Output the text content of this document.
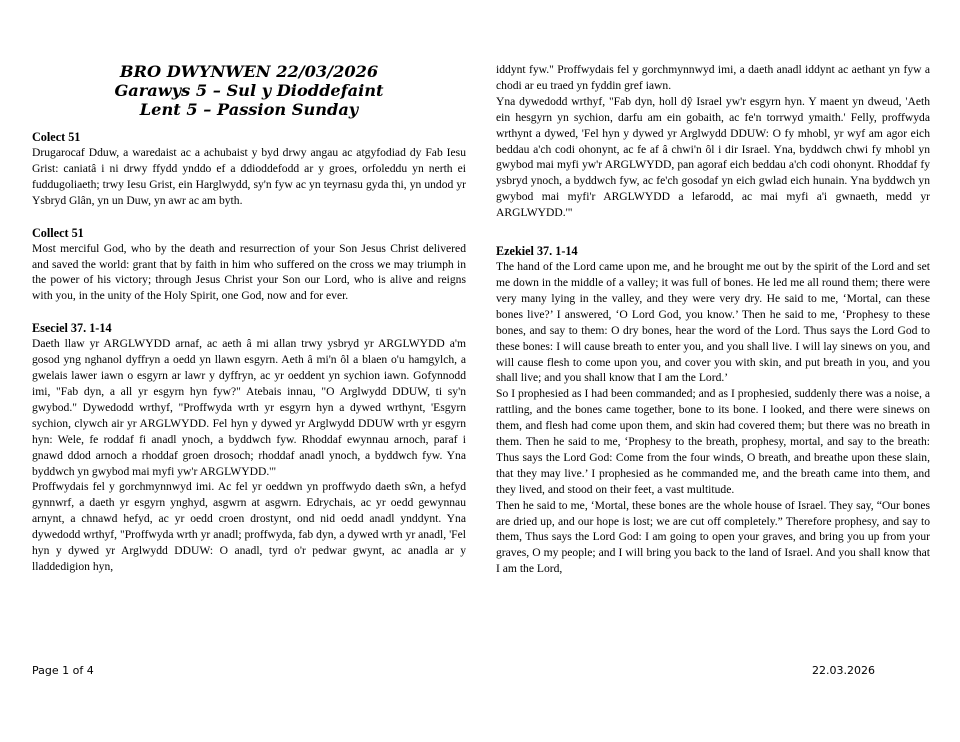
BRO DWYNWEN 22/03/2026
Garawys 5 – Sul y Dioddefaint
Lent 5 – Passion Sunday

Colect 51

Drugarocaf Dduw, a waredaist ac a achubaist y byd drwy angau ac atgyfodiad dy Fab Iesu Grist: caniatâ i ni drwy ffydd ynddo ef a ddioddefodd ar y groes, orfoleddu yn nerth ei fuddugoliaeth; trwy Iesu Grist, ein Harglwydd, sy'n fyw ac yn teyrnasu gyda thi, yn undod yr Ysbryd Glân, yn un Duw, yn awr ac am byth.

Collect 51

Most merciful God, who by the death and resurrection of your Son Jesus Christ delivered and saved the world: grant that by faith in him who suffered on the cross we may triumph in the power of his victory; through Jesus Christ your Son our Lord, who is alive and reigns with you, in the unity of the Holy Spirit, one God, now and for ever.

Eseciel 37. 1-14

Daeth llaw yr ARGLWYDD arnaf, ac aeth â mi allan trwy ysbryd yr ARGLWYDD a'm gosod yng nghanol dyffryn a oedd yn llawn esgyrn. Aeth â mi'n ôl a blaen o'u hamgylch, a gwelais lawer iawn o esgyrn ar lawr y dyffryn, ac yr oeddent yn sychion iawn. Gofynnodd imi, "Fab dyn, a all yr esgyrn hyn fyw?" Atebais innau, "O Arglwydd DDUW, ti sy'n gwybod." Dywedodd wrthyf, "Proffwyda wrth yr esgyrn hyn a dywed wrthynt, 'Esgyrn sychion, clywch air yr ARGLWYDD. Fel hyn y dywed yr Arglwydd DDUW wrth yr esgyrn hyn: Wele, fe roddaf fi anadl ynoch, a byddwch fyw. Rhoddaf ewynnau arnoch, paraf i gnawd ddod arnoch a rhoddaf groen drosoch; rhoddaf anadl ynoch, a byddwch fyw. Yna byddwch yn gwybod mai myfi yw'r ARGLWYDD.'"

Proffwydais fel y gorchmynnwyd imi. Ac fel yr oeddwn yn proffwydo daeth sŵn, a hefyd gynnwrf, a daeth yr esgyrn ynghyd, asgwrn at asgwrn. Edrychais, ac yr oedd gewynnau arnynt, a chnawd hefyd, ac yr oedd croen drostynt, ond nid oedd anadl ynddynt. Yna dywedodd wrthyf, "Proffwyda wrth yr anadl; proffwyda, fab dyn, a dywed wrth yr anadl, 'Fel hyn y dywed yr Arglwydd DDUW: O anadl, tyrd o'r pedwar gwynt, ac anadla ar y lladdedigion hyn,

iddynt fyw." Proffwydais fel y gorchmynnwyd imi, a daeth anadl iddynt ac aethant yn fyw a chodi ar eu traed yn fyddin gref iawn.

Yna dywedodd wrthyf, "Fab dyn, holl dŷ Israel yw'r esgyrn hyn. Y maent yn dweud, 'Aeth ein hesgyrn yn sychion, darfu am ein gobaith, ac fe'n torrwyd ymaith.' Felly, proffwyda wrthynt a dywed, 'Fel hyn y dywed yr Arglwydd DDUW: O fy mhobl, yr wyf am agor eich beddau a'ch codi ohonynt, ac fe af â chwi'n ôl i dir Israel. Yna, byddwch chwi fy mhobl yn gwybod mai myfi yw'r ARGLWYDD, pan agoraf eich beddau a'ch codi ohonynt. Rhoddaf fy ysbryd ynoch, a byddwch fyw, ac fe'ch gosodaf yn eich gwlad eich hunain. Yna byddwch yn gwybod mai myfi'r ARGLWYDD a lefarodd, ac mai myfi a'i gwnaeth, medd yr ARGLWYDD.'"

Ezekiel 37. 1-14

The hand of the Lord came upon me, and he brought me out by the spirit of the Lord and set me down in the middle of a valley; it was full of bones. He led me all round them; there were very many lying in the valley, and they were very dry. He said to me, ‘Mortal, can these bones live?’ I answered, ‘O Lord God, you know.’ Then he said to me, ‘Prophesy to these bones, and say to them: O dry bones, hear the word of the Lord. Thus says the Lord God to these bones: I will cause breath to enter you, and you shall live. I will lay sinews on you, and will cause flesh to come upon you, and cover you with skin, and put breath in you, and you shall live; and you shall know that I am the Lord.’

So I prophesied as I had been commanded; and as I prophesied, suddenly there was a noise, a rattling, and the bones came together, bone to its bone. I looked, and there were sinews on them, and flesh had come upon them, and skin had covered them; but there was no breath in them. Then he said to me, ‘Prophesy to the breath, prophesy, mortal, and say to the breath: Thus says the Lord God: Come from the four winds, O breath, and breathe upon these slain, that they may live.’ I prophesied as he commanded me, and the breath came into them, and they lived, and stood on their feet, a vast multitude.

Then he said to me, ‘Mortal, these bones are the whole house of Israel. They say, “Our bones are dried up, and our hope is lost; we are cut off completely.” Therefore prophesy, and say to them, Thus says the Lord God: I am going to open your graves, and bring you up from your graves, O my people; and I will bring you back to the land of Israel. And you shall know that I am the Lord,

Page 1 of 4	22.03.2026
